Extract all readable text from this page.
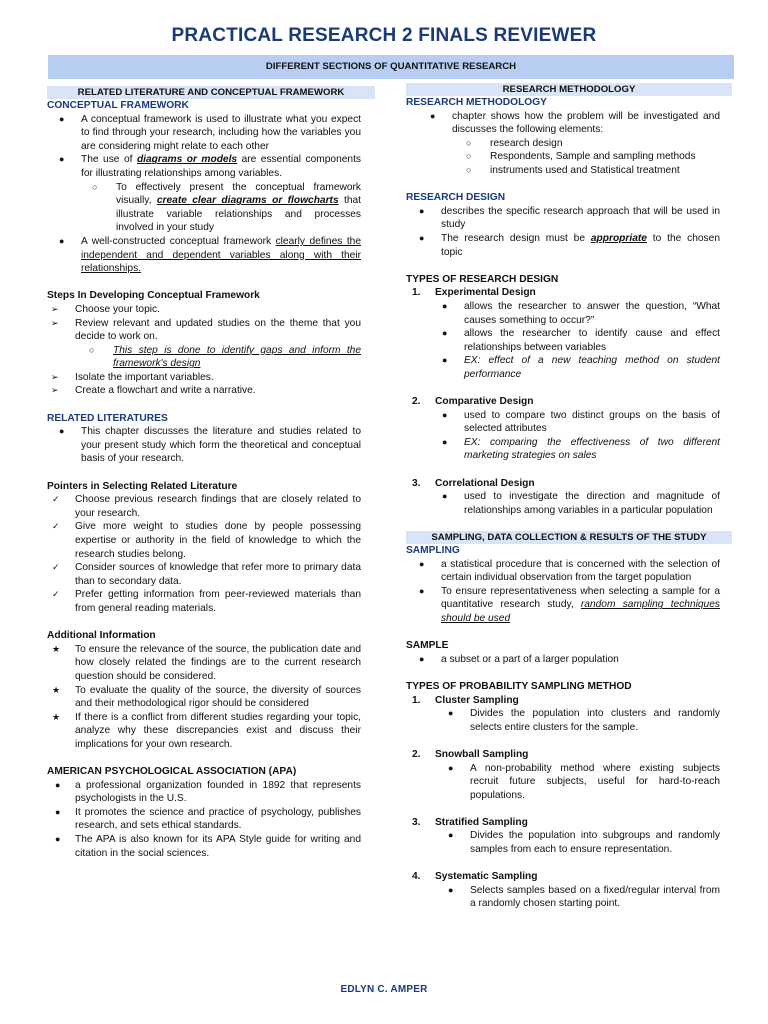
PRACTICAL RESEARCH 2 FINALS REVIEWER
DIFFERENT SECTIONS OF QUANTITATIVE RESEARCH
RELATED LITERATURE AND CONCEPTUAL FRAMEWORK
CONCEPTUAL FRAMEWORK
● A conceptual framework is used to illustrate what you expect to find through your research, including how the variables you are considering might relate to each other
● The use of diagrams or models are essential components for illustrating relationships among variables.
○ To effectively present the conceptual framework visually, create clear diagrams or flowcharts that illustrate variable relationships and processes involved in your study
● A well-constructed conceptual framework clearly defines the independent and dependent variables along with their relationships.
Steps In Developing Conceptual Framework
➢ Choose your topic.
➢ Review relevant and updated studies on the theme that you decide to work on.
○ This step is done to identify gaps and inform the framework's design
➢ Isolate the important variables.
➢ Create a flowchart and write a narrative.
RELATED LITERATURES
● This chapter discusses the literature and studies related to your present study which form the theoretical and conceptual basis of your research.
Pointers in Selecting Related Literature
✓ Choose previous research findings that are closely related to your research.
✓ Give more weight to studies done by people possessing expertise or authority in the field of knowledge to which the research studies belong.
✓ Consider sources of knowledge that refer more to primary data than to secondary data.
✓ Prefer getting information from peer-reviewed materials than from general reading materials.
Additional Information
★ To ensure the relevance of the source, the publication date and how closely related the findings are to the current research question should be considered.
★ To evaluate the quality of the source, the diversity of sources and their methodological rigor should be considered
★ If there is a conflict from different studies regarding your topic, analyze why these discrepancies exist and discuss their implications for your own research.
AMERICAN PSYCHOLOGICAL ASSOCIATION (APA)
● a professional organization founded in 1892 that represents psychologists in the U.S.
● It promotes the science and practice of psychology, publishes research, and sets ethical standards.
● The APA is also known for its APA Style guide for writing and citation in the social sciences.
RESEARCH METHODOLOGY
RESEARCH METHODOLOGY
● chapter shows how the problem will be investigated and discusses the following elements:
○ research design
○ Respondents, Sample and sampling methods
○ instruments used and Statistical treatment
RESEARCH DESIGN
● describes the specific research approach that will be used in study
● The research design must be appropriate to the chosen topic
TYPES OF RESEARCH DESIGN
1. Experimental Design
● allows the researcher to answer the question, “What causes something to occur?”
● allows the researcher to identify cause and effect relationships between variables
● EX: effect of a new teaching method on student performance
2. Comparative Design
● used to compare two distinct groups on the basis of selected attributes
● EX: comparing the effectiveness of two different marketing strategies on sales
3. Correlational Design
● used to investigate the direction and magnitude of relationships among variables in a particular population
SAMPLING, DATA COLLECTION & RESULTS OF THE STUDY
SAMPLING
● a statistical procedure that is concerned with the selection of certain individual observation from the target population
● To ensure representativeness when selecting a sample for a quantitative research study, random sampling techniques should be used
SAMPLE
● a subset or a part of a larger population
TYPES OF PROBABILITY SAMPLING METHOD
1. Cluster Sampling
● Divides the population into clusters and randomly selects entire clusters for the sample.
2. Snowball Sampling
● A non-probability method where existing subjects recruit future subjects, useful for hard-to-reach populations.
3. Stratified Sampling
● Divides the population into subgroups and randomly samples from each to ensure representation.
4. Systematic Sampling
● Selects samples based on a fixed/regular interval from a randomly chosen starting point.
EDLYN C. AMPER
